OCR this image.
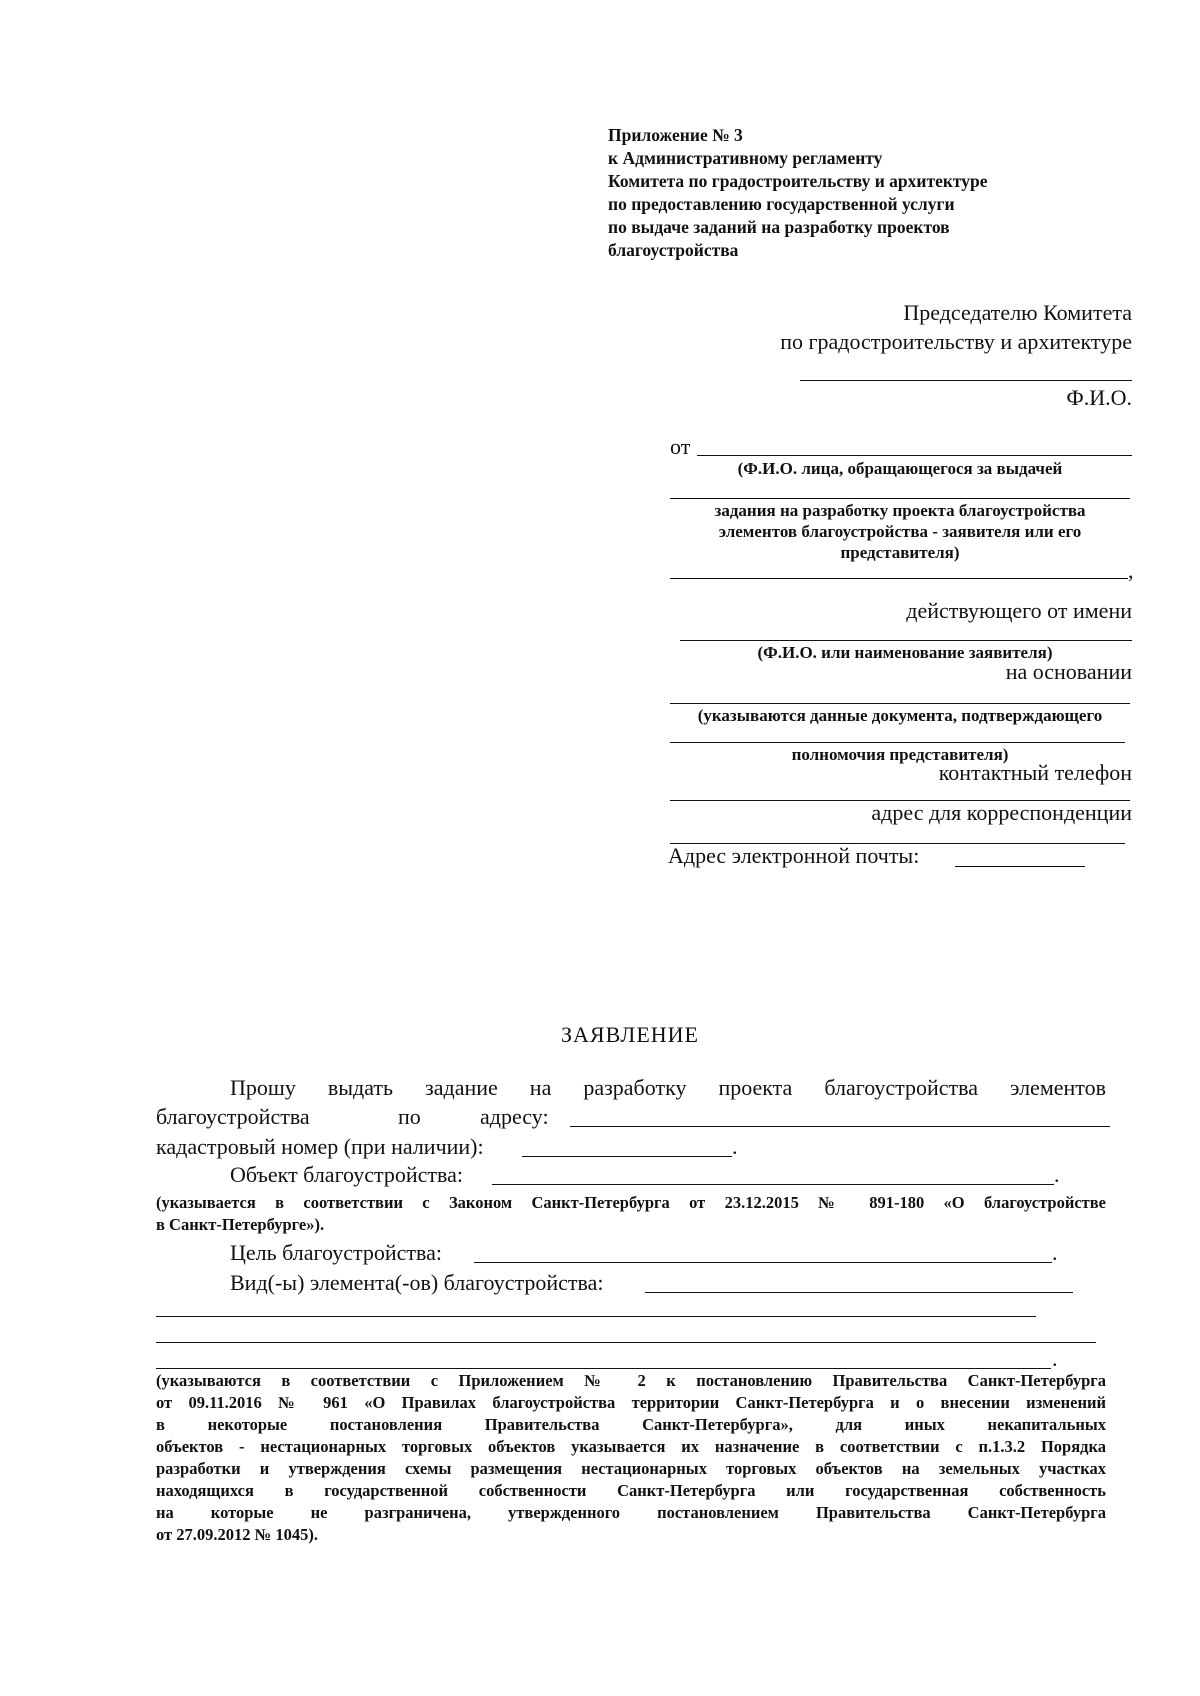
Приложение № 3
к Административному регламенту
Комитета по градостроительству и архитектуре
по предоставлению государственной услуги
по выдаче заданий на разработку проектов
благоустройства
Председателю Комитета
по градостроительству и архитектуре
Ф.И.О.
от
(Ф.И.О. лица, обращающегося за выдачей
задания на разработку проекта благоустройства
элементов благоустройства - заявителя или его
представителя)
,
действующего от имени
(Ф.И.О. или наименование заявителя)
на основании
(указываются данные документа, подтверждающего
полномочия представителя)
контактный телефон
адрес для корреспонденции
Адрес электронной почты:
ЗАЯВЛЕНИЕ
Прошу выдать задание на разработку проекта благоустройства элементов
благоустройства	по	адресу:
кадастровый номер (при наличии):	.
Объект благоустройства:	.
(указывается в соответствии с Законом Санкт-Петербурга от 23.12.2015 № 891-180 «О благоустройстве
в Санкт-Петербурге»).
Цель благоустройства:	.
Вид(-ы) элемента(-ов) благоустройства:
.
(указываются в соответствии с Приложением № 2 к постановлению Правительства Санкт-Петербурга
от 09.11.2016 № 961 «О Правилах благоустройства территории Санкт-Петербурга и о внесении изменений
в некоторые постановления Правительства Санкт-Петербурга», для иных некапитальных
объектов - нестационарных торговых объектов указывается их назначение в соответствии с п.1.3.2 Порядка
разработки и утверждения схемы размещения нестационарных торговых объектов на земельных участках
находящихся в государственной собственности Санкт-Петербурга или государственная собственность
на которые не разграничена, утвержденного постановлением Правительства Санкт-Петербурга
от 27.09.2012 № 1045).
